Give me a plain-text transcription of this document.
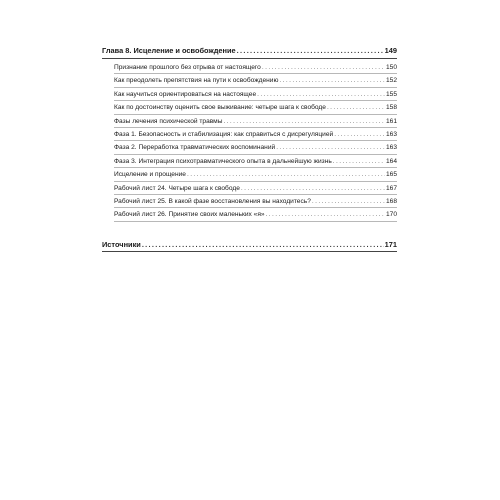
Глава 8. Исцеление и освобождение .....	149
Признание прошлого без отрыва от настоящего .....	150
Как преодолеть препятствия на пути к освобождению .....	152
Как научиться ориентироваться на настоящее .....	155
Как по достоинству оценить свое выживание: четыре шага к свободе .....	158
Фазы лечения психической травмы .....	161
Фаза 1. Безопасность и стабилизация: как справиться с дисрегуляцией .....	163
Фаза 2. Переработка травматических воспоминаний .....	163
Фаза 3. Интеграция психотравматического опыта в дальнейшую жизнь .....	164
Исцеление и прощение .....	165
Рабочий лист 24. Четыре шага к свободе .....	167
Рабочий лист 25. В какой фазе восстановления вы находитесь? .....	168
Рабочий лист 26. Принятие своих маленьких «я» .....	170
Источники .....	171
